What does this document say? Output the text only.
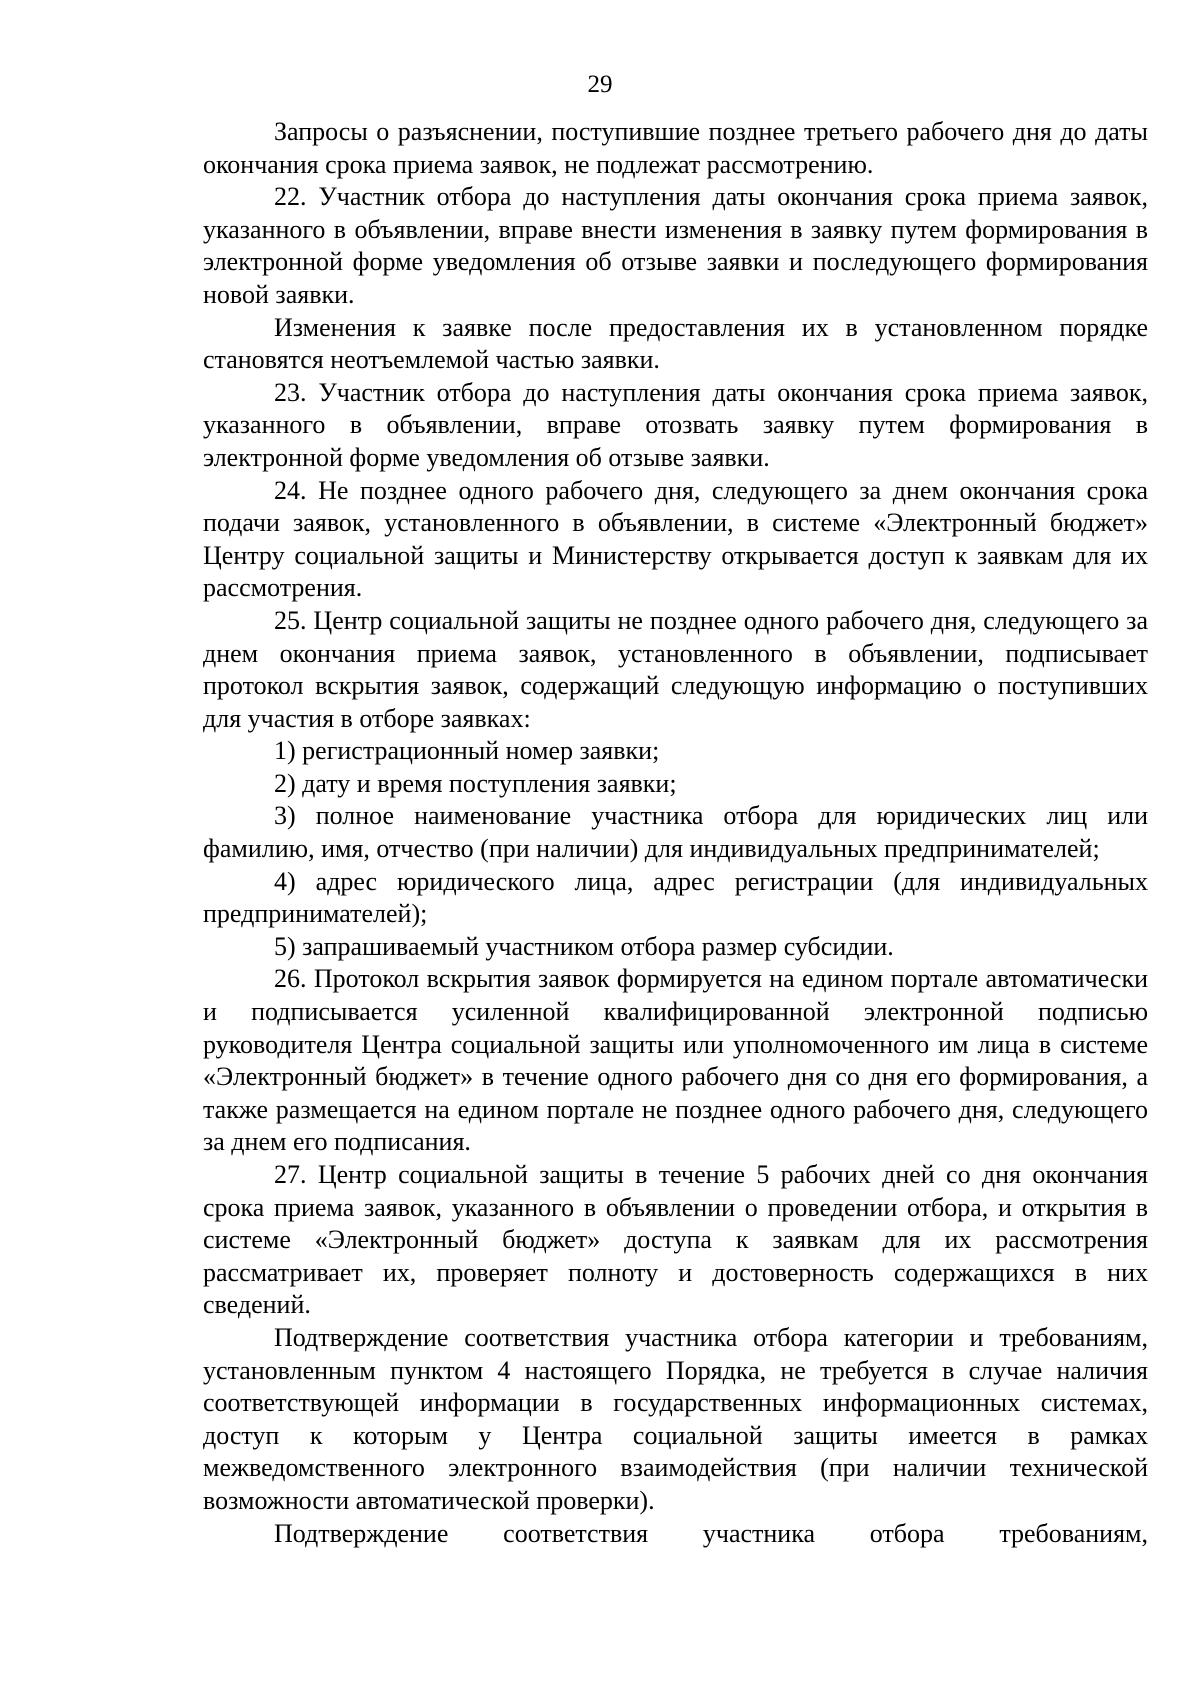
29

Запросы о разъяснении, поступившие позднее третьего рабочего дня до даты окончания срока приема заявок, не подлежат рассмотрению.

22. Участник отбора до наступления даты окончания срока приема заявок, указанного в объявлении, вправе внести изменения в заявку путем формирования в электронной форме уведомления об отзыве заявки и последующего формирования новой заявки.

Изменения к заявке после предоставления их в установленном порядке становятся неотъемлемой частью заявки.

23. Участник отбора до наступления даты окончания срока приема заявок, указанного в объявлении, вправе отозвать заявку путем формирования в электронной форме уведомления об отзыве заявки.

24. Не позднее одного рабочего дня, следующего за днем окончания срока подачи заявок, установленного в объявлении, в системе «Электронный бюджет» Центру социальной защиты и Министерству открывается доступ к заявкам для их рассмотрения.

25. Центр социальной защиты не позднее одного рабочего дня, следующего за днем окончания приема заявок, установленного в объявлении, подписывает протокол вскрытия заявок, содержащий следующую информацию о поступивших для участия в отборе заявках:

1) регистрационный номер заявки;

2) дату и время поступления заявки;

3) полное наименование участника отбора для юридических лиц или фамилию, имя, отчество (при наличии) для индивидуальных предпринимателей;

4) адрес юридического лица, адрес регистрации (для индивидуальных предпринимателей);

5) запрашиваемый участником отбора размер субсидии.

26. Протокол вскрытия заявок формируется на едином портале автоматически и подписывается усиленной квалифицированной электронной подписью руководителя Центра социальной защиты или уполномоченного им лица в системе «Электронный бюджет» в течение одного рабочего дня со дня его формирования, а также размещается на едином портале не позднее одного рабочего дня, следующего за днем его подписания.

27. Центр социальной защиты в течение 5 рабочих дней со дня окончания срока приема заявок, указанного в объявлении о проведении отбора, и открытия в системе «Электронный бюджет» доступа к заявкам для их рассмотрения рассматривает их, проверяет полноту и достоверность содержащихся в них сведений.

Подтверждение соответствия участника отбора категории и требованиям, установленным пунктом 4 настоящего Порядка, не требуется в случае наличия соответствующей информации в государственных информационных системах, доступ к которым у Центра социальной защиты имеется в рамках межведомственного электронного взаимодействия (при наличии технической возможности автоматической проверки).

Подтверждение соответствия участника отбора требованиям,
